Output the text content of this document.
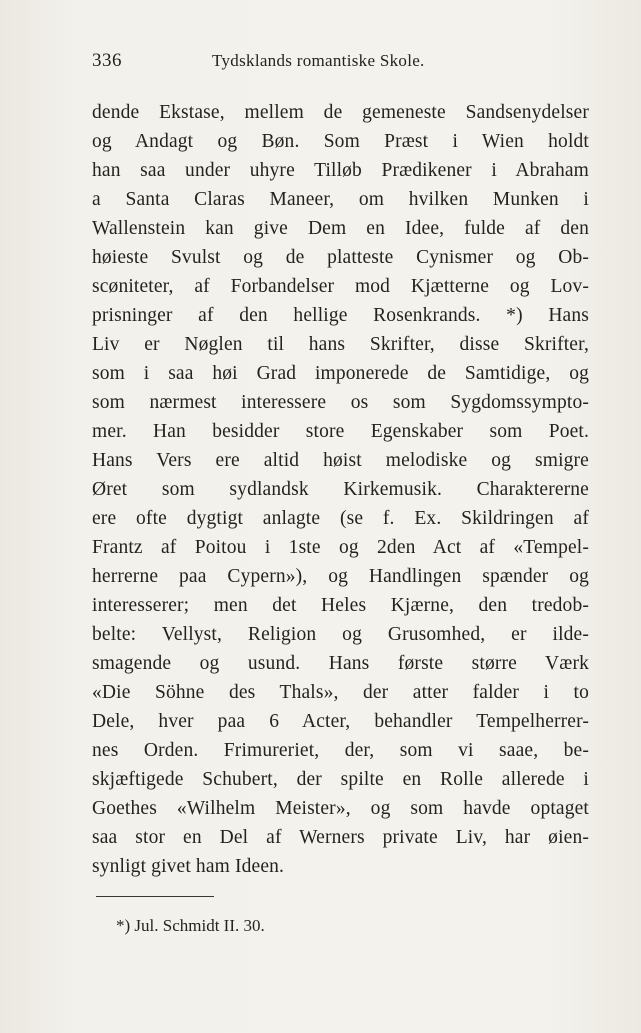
336	Tydsklands romantiske Skole.
dende Ekstase, mellem de gemeneste Sandsenydelser
og Andagt og Bøn. Som Præst i Wien holdt
han saa under uhyre Tilløb Prædikener i Abraham
a Santa Claras Maneer, om hvilken Munken i
Wallenstein kan give Dem en Idee, fulde af den
høieste Svulst og de platteste Cynismer og Ob-
scøniteter, af Forbandelser mod Kjætterne og Lov-
prisninger af den hellige Rosenkrands. *) Hans
Liv er Nøglen til hans Skrifter, disse Skrifter,
som i saa høi Grad imponerede de Samtidige, og
som nærmest interessere os som Sygdomssympto-
mer. Han besidder store Egenskaber som Poet.
Hans Vers ere altid høist melodiske og smigre
Øret som sydlandsk Kirkemusik. Charaktererne
ere ofte dygtigt anlagte (se f. Ex. Skildringen af
Frantz af Poitou i 1ste og 2den Act af «Tempel-
herrerne paa Cypern»), og Handlingen spænder og
interesserer; men det Heles Kjærne, den tredob-
belte: Vellyst, Religion og Grusomhed, er ilde-
smagende og usund. Hans første større Værk
«Die Söhne des Thals», der atter falder i to
Dele, hver paa 6 Acter, behandler Tempelherrer-
nes Orden. Frimureriet, der, som vi saae, be-
skjæftigede Schubert, der spilte en Rolle allerede i
Goethes «Wilhelm Meister», og som havde optaget
saa stor en Del af Werners private Liv, har øien-
synligt givet ham Ideen.
*) Jul. Schmidt II. 30.
